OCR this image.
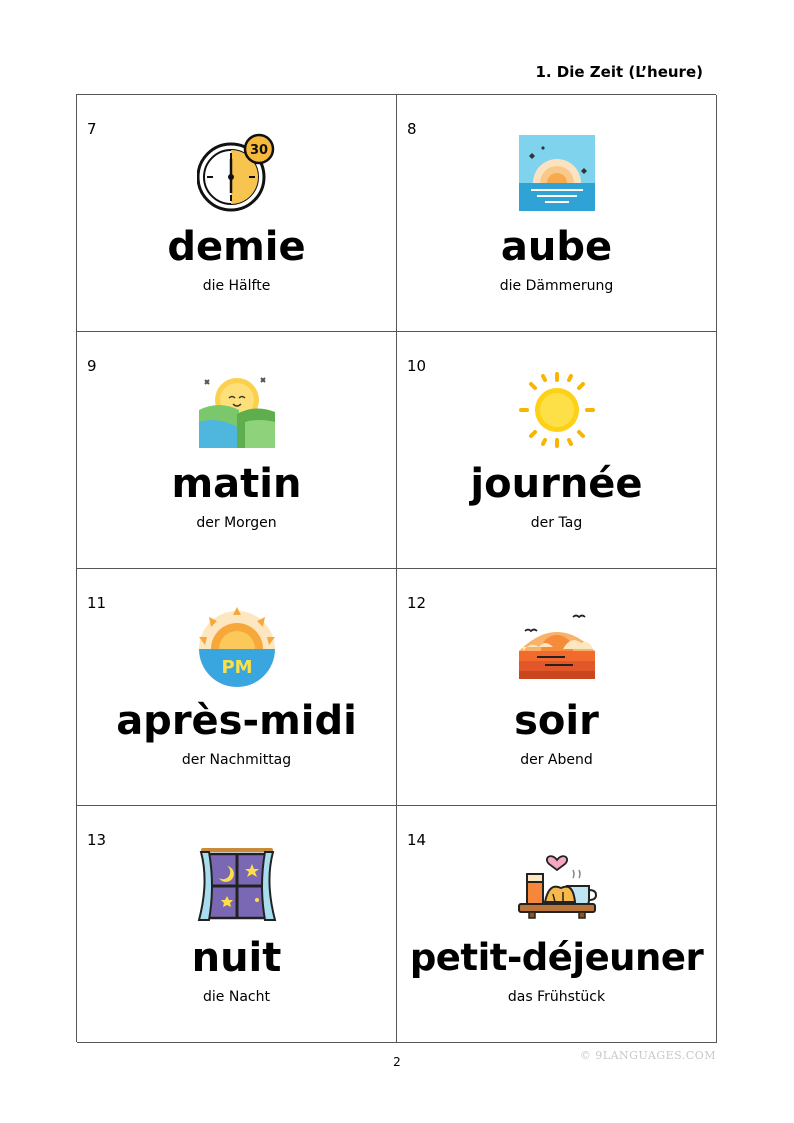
1. Die Zeit (L’heure)
7
30
demie
die Hälfte
8
aube
die Dämmerung
9
matin
der Morgen
10
journée
der Tag
11
PM
après-midi
der Nachmittag
12
soir
der Abend
13
nuit
die Nacht
14
petit-déjeuner
das Frühstück
2	© 9LANGUAGES.COM
